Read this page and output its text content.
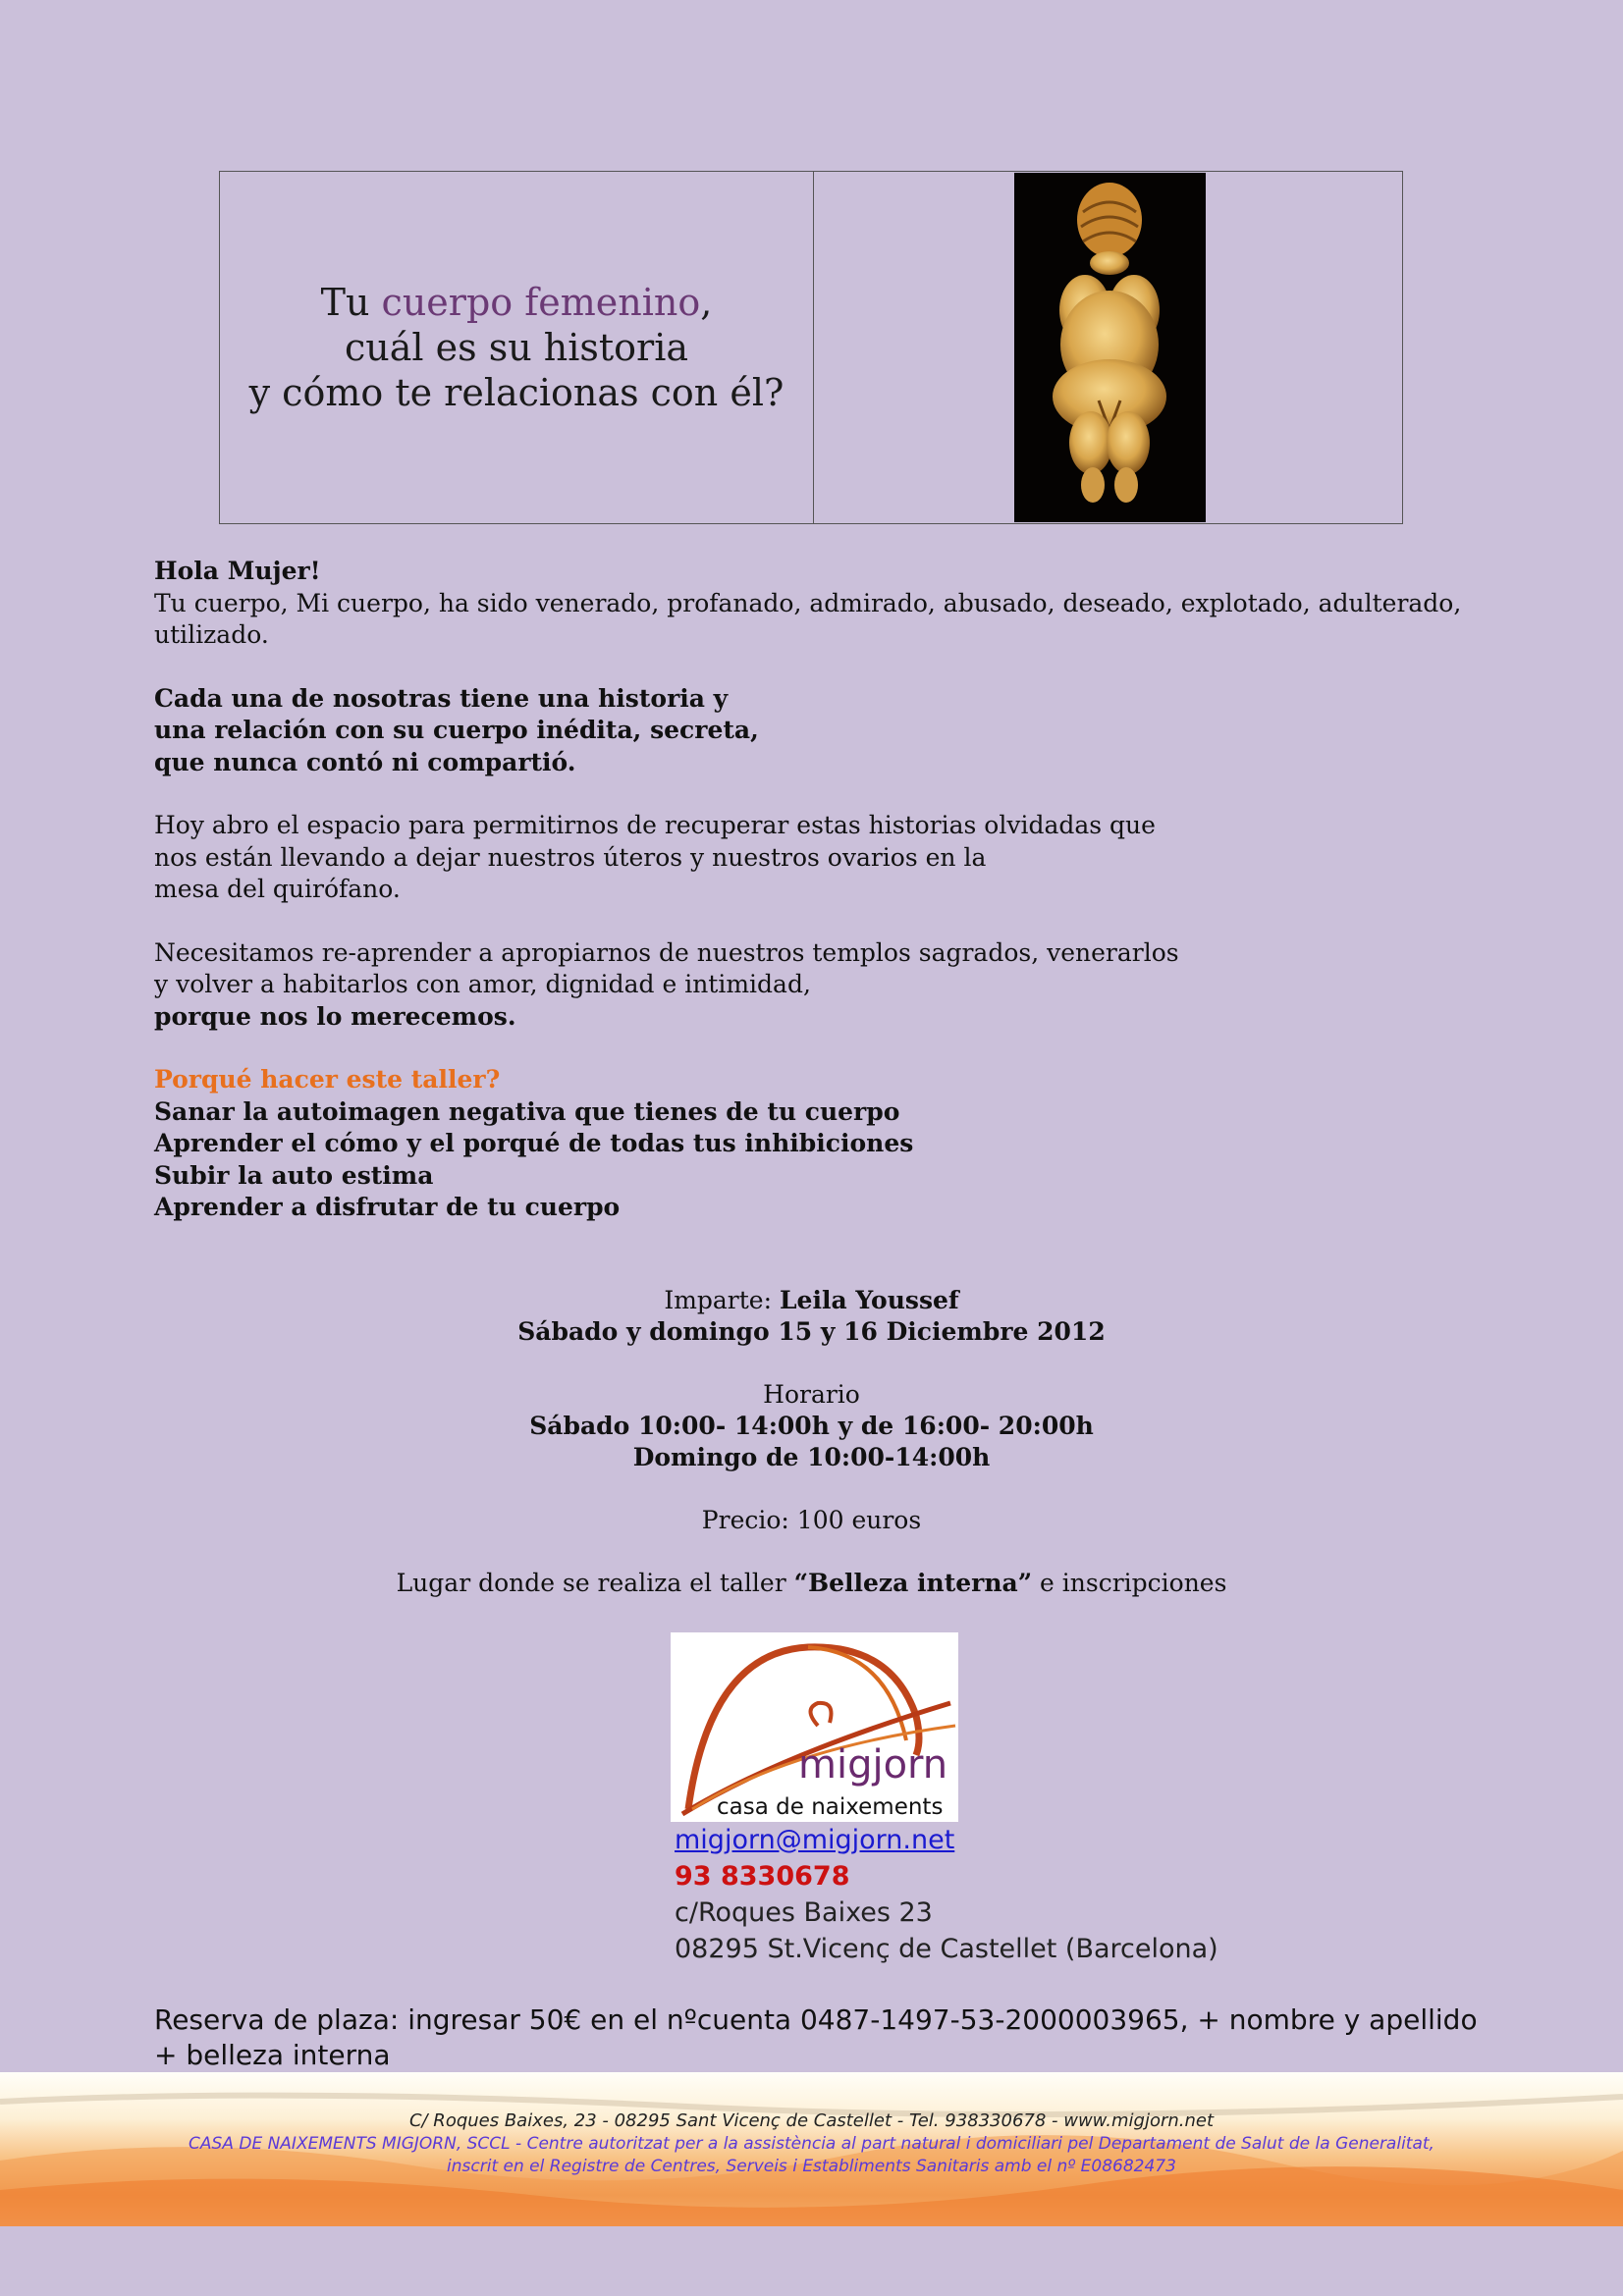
Tu cuerpo femenino,
cuál es su historia
y cómo te relacionas con él?

Hola Mujer!

Tu cuerpo, Mi cuerpo, ha sido venerado, profanado, admirado, abusado, deseado, explotado, adulterado, utilizado.

Cada una de nosotras tiene una historia y

una relación con su cuerpo inédita, secreta,

que nunca contó ni compartió.

Hoy abro el espacio para permitirnos de recuperar estas historias olvidadas que

nos están llevando a dejar nuestros úteros y nuestros ovarios en la

mesa del quirófano.

Necesitamos re-aprender a apropiarnos de nuestros templos sagrados, venerarlos

y volver a habitarlos con amor, dignidad e intimidad,

porque nos lo merecemos.

Porqué hacer este taller?

Sanar la autoimagen negativa que tienes de tu cuerpo

Aprender el cómo y el porqué de todas tus inhibiciones

Subir la auto estima

Aprender a disfrutar de tu cuerpo

Imparte: Leila Youssef
Sábado y domingo 15 y 16 Diciembre 2012
Horario
Sábado 10:00- 14:00h y de 16:00- 20:00h
Domingo de 10:00-14:00h
Precio: 100 euros
Lugar donde se realiza el taller “Belleza interna” e inscripciones
migjorn
casa de naixements
migjorn@migjorn.net
93 8330678
c/Roques Baixes 23
08295 St.Vicenç de Castellet (Barcelona)
Reserva de plaza: ingresar 50€ en el nºcuenta 0487-1497-53-2000003965, + nombre y apellido + belleza interna
C/ Roques Baixes, 23 - 08295 Sant Vicenç de Castellet - Tel. 938330678 - www.migjorn.net
CASA DE NAIXEMENTS MIGJORN, SCCL - Centre autoritzat per a la assistència al part natural i domiciliari pel Departament de Salut de la Generalitat,
inscrit en el Registre de Centres, Serveis i Establiments Sanitaris amb el nº E08682473
